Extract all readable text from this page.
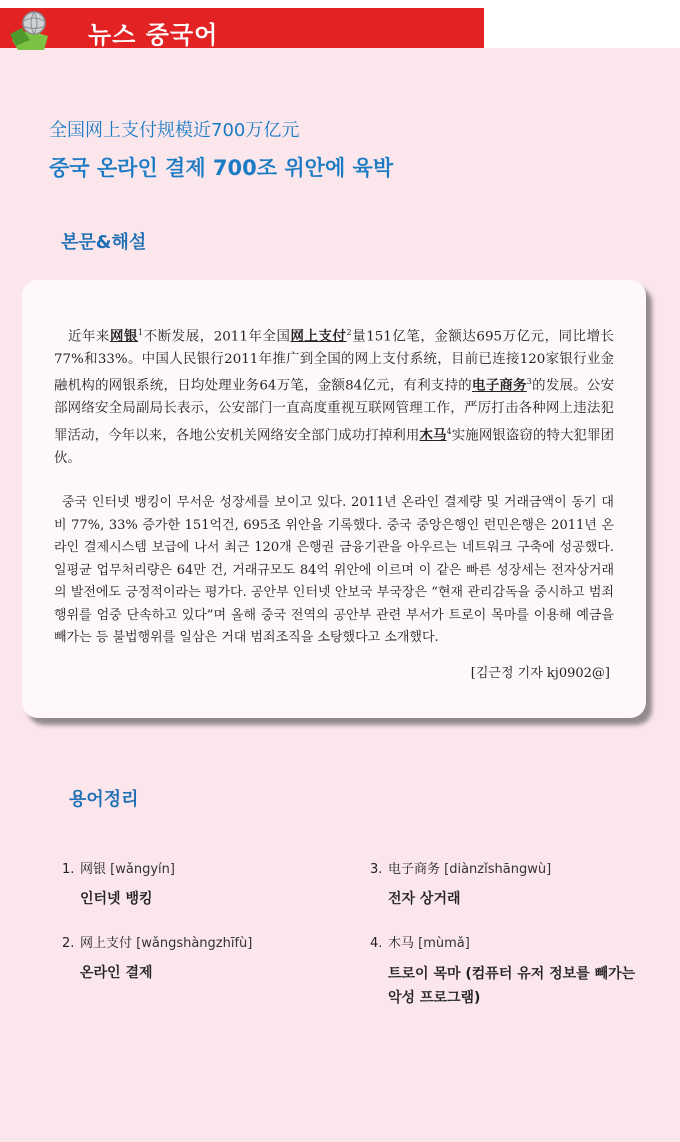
뉴스 중국어
全国网上支付规模近700万亿元
중국 온라인 결제 700조 위안에 육박
본문&해설

近年来网银$^1$不断发展，2011年全国网上支付$^2$量151亿笔，金额达695万亿元，同比增长77%和33%。中国人民银行2011年推广到全国的网上支付系统，目前已连接120家银行业金融机构的网银系统，日均处理业务64万笔，金额84亿元，有利支持的电子商务$^3$的发展。公安部网络安全局副局长表示，公安部门一直高度重视互联网管理工作，严厉打击各种网上违法犯罪活动，今年以来，各地公安机关网络安全部门成功打掉利用木马$^4$实施网银盗窃的特大犯罪团伙。

중국 인터넷 뱅킹이 무서운 성장세를 보이고 있다. 2011년 온라인 결제량 및 거래금액이 동기 대비 77%, 33% 증가한 151억건, 695조 위안을 기록했다. 중국 중앙은행인 런민은행은 2011년 온라인 결제시스템 보급에 나서 최근 120개 은행권 금융기관을 아우르는 네트워크 구축에 성공했다. 일평균 업무처리량은 64만 건, 거래규모도 84억 위안에 이르며 이 같은 빠른 성장세는 전자상거래의 발전에도 긍정적이라는 평가다. 공안부 인터넷 안보국 부국장은 “현재 관리감독을 중시하고 범죄행위를 엄중 단속하고 있다”며 올해 중국 전역의 공안부 관련 부서가 트로이 목마를 이용해 예금을 빼가는 등 불법행위를 일삼은 거대 범죄조직을 소탕했다고 소개했다.

[김근정 기자 kj0902@]
용어정리
1. 网银 [wǎngyín]
인터넷 뱅킹
2. 网上支付 [wǎngshàngzhīfù]
온라인 결제
3. 电子商务 [diànzǐshāngwù]
전자 상거래
4. 木马 [mùmǎ]
트로이 목마 (컴퓨터 유저 정보를 빼가는 악성 프로그램)
